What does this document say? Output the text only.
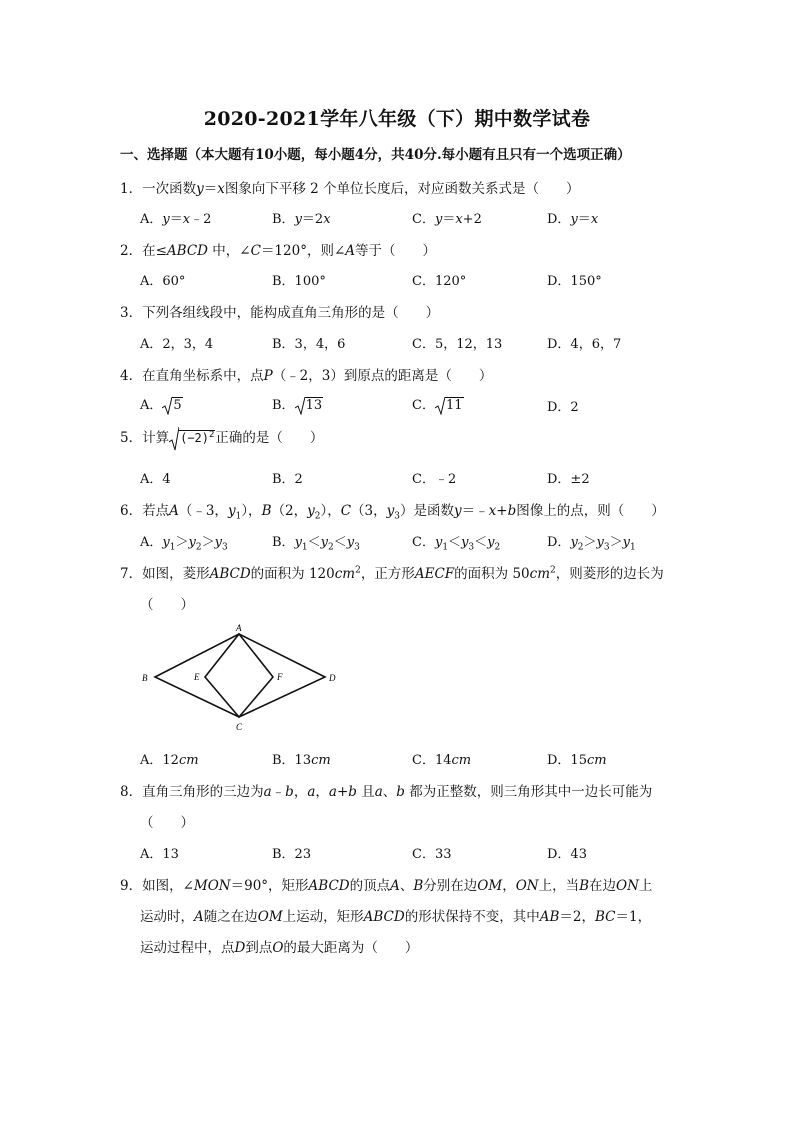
2020-2021学年八年级（下）期中数学试卷
一、选择题（本大题有10小题，每小题4分，共40分.每小题有且只有一个选项正确）
1．一次函数y＝x图象向下平移 2 个单位长度后，对应函数关系式是（　　）
A．y＝x﹣2	B．y＝2x	C．y＝x+2	D．y＝x
2．在≤ABCD 中，∠C＝120°，则∠A等于（　　）
A．60°	B．100°	C．120°	D．150°
3．下列各组线段中，能构成直角三角形的是（　　）
A．2，3，4	B．3，4，6	C．5，12，13	D．4，6，7
4．在直角坐标系中，点P（﹣2，3）到原点的距离是（　　）
A． 5	B． 13	C． 11	D．2
5．计算 $(-2)^2$正确的是（　　）
A．4	B．2	C．﹣2	D．±2
6．若点A（﹣3，$y_1$），B（2，$y_2$），C（3，$y_3$）是函数y＝﹣x+b图像上的点，则（　　）
A．$y_1>y_2>y_3$	B．$y_1<y_2<y_3$	C．$y_1<y_3<y_2$	D．$y_2>y_3>y_1$
7．如图，菱形ABCD的面积为 $120cm^2$，正方形AECF的面积为 $50cm^2$，则菱形的边长为
（　　）
A
B
C
D
E	F
A．12cm	B．13cm	C．14cm	D．15cm
8．直角三角形的三边为a﹣b，a，a+b 且a、b 都为正整数，则三角形其中一边长可能为
（　　）
A．13	B．23	C．33	D．43
9．如图，∠MON＝90°，矩形ABCD的顶点A、B分别在边OM，ON上，当B在边ON上
运动时，A随之在边OM上运动，矩形ABCD的形状保持不变，其中AB＝2，BC＝1，
运动过程中，点D到点O的最大距离为（　　）
